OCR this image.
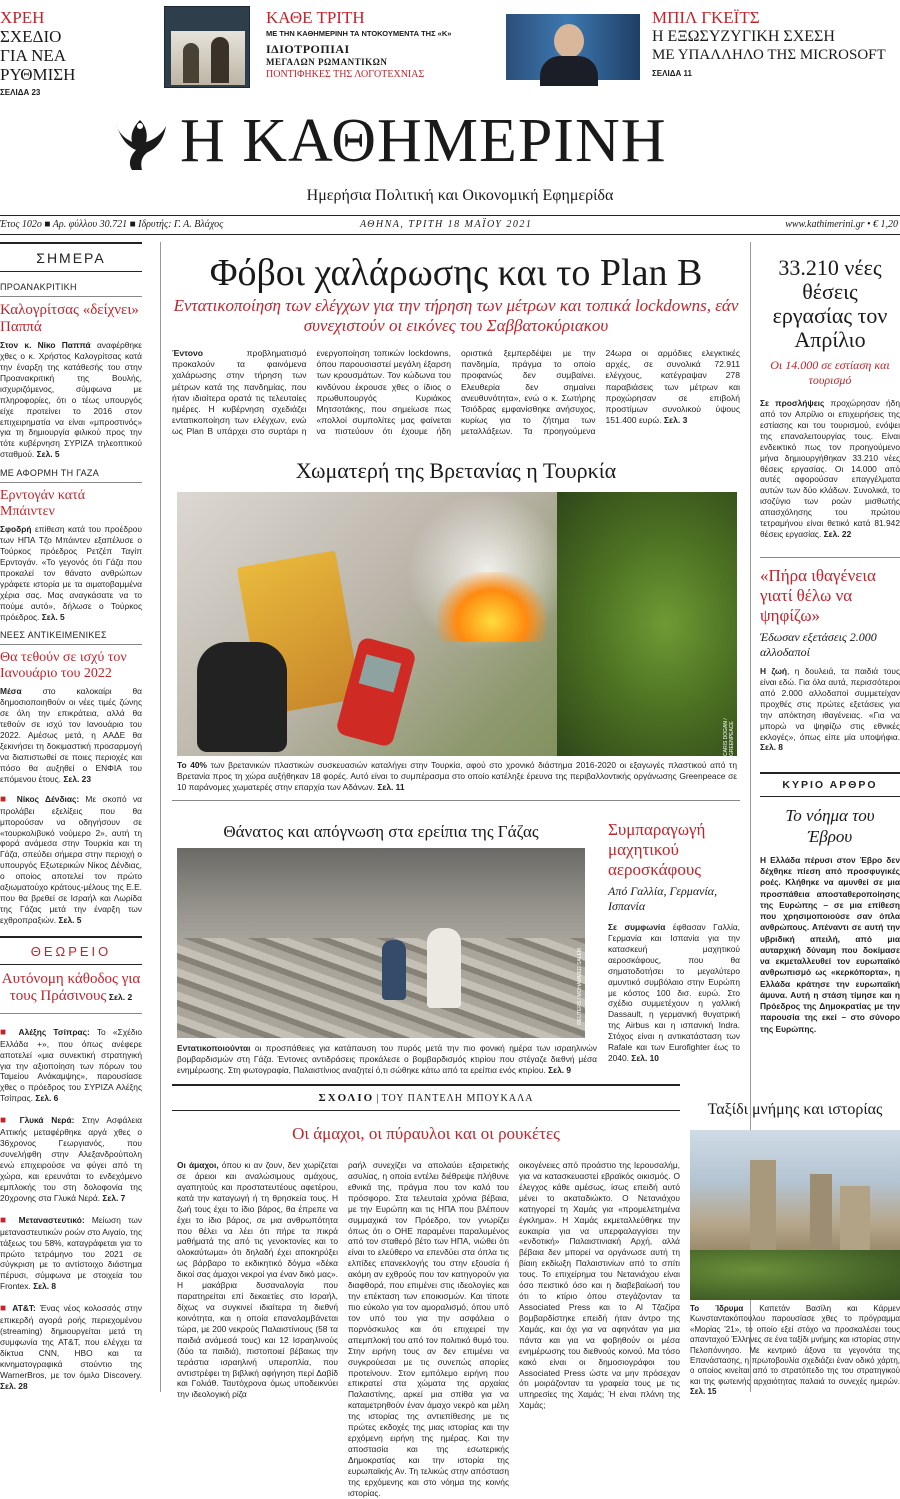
ΧΡΕΗ
ΣΧΕΔΙΟ
ΓΙΑ ΝΕΑ ΡΥΘΜΙΣΗ
ΣΕΛΙΔΑ 23
ΚΑΘΕ ΤΡΙΤΗ
ΜΕ ΤΗΝ ΚΑΘΗΜΕΡΙΝΗ ΤΑ ΝΤΟΚΟΥΜΕΝΤΑ ΤΗΣ «Κ»
ΙΔΙΟΤΡΟΠΙΑΙ
ΜΕΓΑΛΩΝ ΡΩΜΑΝΤΙΚΩΝ
ΠΟΝΤΙΦΗΚΕΣ ΤΗΣ ΛΟΓΟΤΕΧΝΙΑΣ
ΜΠΙΛ ΓΚΕΪΤΣ
Η ΕΞΩΣΥΖΥΓΙΚΗ ΣΧΕΣΗ
ΜΕ ΥΠΑΛΛΗΛΟ ΤΗΣ MICROSOFT
ΣΕΛΙΔΑ 11
Η ΚΑΘΗΜΕΡΙΝΗ
Ημερήσια Πολιτική και Οικονομική Εφημερίδα
Έτος 102ο ■ Αρ. φύλλου 30.721 ■ Ιδρυτής: Γ. Α. Βλάχος	ΑΘΗΝΑ, ΤΡΙΤΗ 18 ΜΑΪΟΥ 2021	www.kathimerini.gr • € 1,20
ΣΗΜΕΡΑ
ΠΡΟΑΝΑΚΡΙΤΙΚΗ
Καλογρίτσας «δείχνει» Παππά

Στον κ. Νίκο Παππά αναφέρθηκε χθες ο κ. Χρήστος Καλογρίτσας κατά την έναρξη της κατάθεσής του στην Προανακριτική της Βουλής, ισχυριζόμενος, σύμφωνα με πληροφορίες, ότι ο τέως υπουργός είχε προτείνει το 2016 στον επιχειρηματία να είναι «μπροστινός» για τη δημιουργία φιλικού προς την τότε κυβέρνηση ΣΥΡΙΖΑ τηλεοπτικού σταθμού. Σελ. 5

ΜΕ ΑΦΟΡΜΗ ΤΗ ΓΑΖΑ
Ερντογάν κατά Μπάιντεν

Σφοδρή επίθεση κατά του προέδρου των ΗΠΑ Τζο Μπάιντεν εξαπέλυσε ο Τούρκος πρόεδρος Ρετζέπ Ταγίπ Ερντογάν. «Το γεγονός ότι Γάζα που προκαλεί τον θάνατο ανθρώπων γράφετε ιστορία με τα αιματοβαμμένα χέρια σας. Μας αναγκάσατε να το πούμε αυτό», δήλωσε ο Τούρκος πρόεδρος. Σελ. 5

ΝΕΕΣ ΑΝΤΙΚΕΙΜΕΝΙΚΕΣ
Θα τεθούν σε ισχύ τον Ιανουάριο του 2022

Μέσα στο καλοκαίρι θα δημοσιοποιηθούν οι νέες τιμές ζώνης σε όλη την επικράτεια, αλλά θα τεθούν σε ισχύ τον Ιανουάριο του 2022. Αμέσως μετά, η ΑΑΔΕ θα ξεκινήσει τη δοκιμαστική προσαρμογή να διαπιστωθεί σε ποιες περιοχές και πόσο θα αυξηθεί ο ΕΝΦΙΑ του επόμενου έτους. Σελ. 23

■ Νίκος Δένδιας: Με σκοπό να προλάβει εξελίξεις που θα μπορούσαν να οδηγήσουν σε «τουρκολιβυκό νούμερο 2», αυτή τη φορά ανάμεσα στην Τουρκία και τη Γάζα, σπεύδει σήμερα στην περιοχή ο υπουργός Εξωτερικών Νίκος Δένδιας, ο οποίος αποτελεί τον πρώτο αξιωματούχο κράτους-μέλους της Ε.Ε. που θα βρεθεί σε Ισραήλ και Λωρίδα της Γάζας μετά την έναρξη των εχθροπραξιών. Σελ. 5

ΘΕΩΡΕΙΟ
Αυτόνομη κάθοδος για τους Πράσινους Σελ. 2

■ Αλέξης Τσίπρας: Το «Σχέδιο Ελλάδα +», που όπως ανέφερε αποτελεί «μια συνεκτική στρατηγική για την αξιοποίηση των πόρων του Ταμείου Ανάκαμψης», παρουσίασε χθες ο πρόεδρος του ΣΥΡΙΖΑ Αλέξης Τσίπρας. Σελ. 6

■ Γλυκά Νερά: Στην Ασφάλεια Αττικής μεταφέρθηκε αργά χθες ο 36χρονος Γεωργιανός, που συνελήφθη στην Αλεξανδρούπολη ενώ επιχειρούσε να φύγει από τη χώρα, και ερευνάται το ενδεχόμενο εμπλοκής του στη δολοφονία της 20χρονης στα Γλυκά Νερά. Σελ. 7

■ Μεταναστευτικό: Μείωση των μεταναστευτικών ροών στο Αιγαίο, της τάξεως του 58%, καταγράφεται για το πρώτο τετράμηνο του 2021 σε σύγκριση με το αντίστοιχο διάστημα πέρυσι, σύμφωνα με στοιχεία του Frontex. Σελ. 8

■ AT&T: Ένας νέος κολοσσός στην επικερδή αγορά ροής περιεχομένου (streaming) δημιουργείται μετά τη συμφωνία της AT&T, που ελέγχει τα δίκτυα CNN, HBO και τα κινηματογραφικά στούντιο της WarnerBros, με τον όμιλο Discovery. Σελ. 28

Φόβοι χαλάρωσης και το Plan B
Εντατικοποίηση των ελέγχων για την τήρηση των μέτρων και τοπικά lockdowns, εάν συνεχιστούν οι εικόνες του Σαββατοκύριακου

Έντονο προβληματισμό προκαλούν τα φαινόμενα χαλάρωσης στην τήρηση των μέτρων κατά της πανδημίας, που ήταν ιδιαίτερα ορατά τις τελευταίες ημέρες. Η κυβέρνηση σχεδιάζει εντατικοποίηση των ελέγχων, ενώ ως Plan B υπάρχει στο συρτάρι η ενεργοποίηση τοπικών lockdowns, όπου παρουσιαστεί μεγάλη έξαρση των κρουσμάτων. Τον κώδωνα του κινδύνου έκρουσε χθες ο ίδιος ο πρωθυπουργός Κυριάκος Μητσοτάκης, που σημείωσε πως «πολλοί συμπολίτες μας φαίνεται να πιστεύουν ότι έχουμε ήδη οριστικά ξεμπερδέψει με την πανδημία, πράγμα το οποίο προφανώς δεν συμβαίνει. Ελευθερία δεν σημαίνει ανευθυνότητα», ενώ ο κ. Σωτήρης Τσιόδρας εμφανίσθηκε ανήσυχος, κυρίως για το ζήτημα των μεταλλάξεων. Τα προηγούμενα 24ωρα οι αρμόδιες ελεγκτικές αρχές, σε συνολικά 72.911 ελέγχους, κατέγραψαν 278 παραβιάσεις των μέτρων και προχώρησαν σε επιβολή προστίμων συνολικού ύψους 151.400 ευρώ. Σελ. 3

Χωματερή της Βρετανίας η Τουρκία
CARIS DOGAN / GREENPEACE

Το 40% των βρετανικών πλαστικών συσκευασιών καταλήγει στην Τουρκία, αφού στο χρονικό διάστημα 2016-2020 οι εξαγωγές πλαστικού από τη Βρετανία προς τη χώρα αυξήθηκαν 18 φορές. Αυτό είναι το συμπέρασμα στο οποίο κατέληξε έρευνα της περιβαλλοντικής οργάνωσης Greenpeace σε 10 παράνομες χωματερές στην επαρχία των Αδάνων. Σελ. 11

Θάνατος και απόγνωση στα ερείπια της Γάζας
REUTERS / MOHAMMED SALEM

Εντατικοποιούνται οι προσπάθειες για κατάπαυση του πυρός μετά την πιο φονική ημέρα των ισραηλινών βομβαρδισμών στη Γάζα. Έντονες αντιδράσεις προκάλεσε ο βομβαρδισμός κτιρίου που στέγαζε διεθνή μέσα ενημέρωσης. Στη φωτογραφία, Παλαιστίνιος αναζητεί ό,τι σώθηκε κάτω από τα ερείπια ενός κτιρίου. Σελ. 9

Συμπαραγωγή μαχητικού αεροσκάφους
Από Γαλλία, Γερμανία, Ισπανία

Σε συμφωνία έφθασαν Γαλλία, Γερμανία και Ισπανία για την κατασκευή μαχητικού αεροσκάφους, που θα σηματοδοτήσει το μεγαλύτερο αμυντικό συμβόλαιο στην Ευρώπη με κόστος 100 δισ. ευρώ. Στο σχέδιο συμμετέχουν η γαλλική Dassault, η γερμανική θυγατρική της Airbus και η ισπανική Indra. Στόχος είναι η αντικατάσταση των Rafale και των Eurofighter έως το 2040. Σελ. 10

33.210 νέες θέσεις εργασίας τον Απρίλιο
Οι 14.000 σε εστίαση και τουρισμό

Σε προσλήψεις προχώρησαν ήδη από τον Απρίλιο οι επιχειρήσεις της εστίασης και του τουρισμού, ενόψει της επαναλειτουργίας τους. Είναι ενδεικτικό πως τον προηγούμενο μήνα δημιουργήθηκαν 33.210 νέες θέσεις εργασίας. Οι 14.000 από αυτές αφορούσαν επαγγέλματα αυτών των δύο κλάδων. Συνολικά, το ισοζύγιο των ροών μισθωτής απασχόλησης του πρώτου τετραμήνου είναι θετικό κατά 81.942 θέσεις εργασίας. Σελ. 22

«Πήρα ιθαγένεια γιατί θέλω να ψηφίζω»
Έδωσαν εξετάσεις 2.000 αλλοδαποί

Η ζωή, η δουλειά, τα παιδιά τους είναι εδώ. Για όλα αυτά, περισσότεροι από 2.000 αλλοδαποί συμμετείχαν προχθές στις πρώτες εξετάσεις για την απόκτηση ιθαγένειας. «Για να μπορώ να ψηφίζω στις εθνικές εκλογές», όπως είπε μία υποψήφια. Σελ. 8

ΚΥΡΙΟ ΑΡΘΡΟ
Το νόημα του Έβρου

Η Ελλάδα πέρυσι στον Έβρο δεν δέχθηκε πίεση από προσφυγικές ροές. Κλήθηκε να αμυνθεί σε μια προσπάθεια αποσταθεροποίησης της Ευρώπης – σε μια επίθεση που χρησιμοποιούσε σαν όπλα ανθρώπους. Απέναντι σε αυτή την υβριδική απειλή, από μια αυταρχική δύναμη που δοκίμασε να εκμεταλλευθεί τον ευρωπαϊκό ανθρωπισμό ως «κερκόπορτα», η Ελλάδα κράτησε την ευρωπαϊκή άμυνα. Αυτή η στάση τίμησε και η Πρόεδρος της Δημοκρατίας με την παρουσία της εκεί – στο σύνορο της Ευρώπης.

Ταξίδι μνήμης και ιστορίας

Το Ίδρυμα Καπετάν Βασίλη και Κάρμεν Κωνσταντακόπουλου παρουσίασε χθες το πρόγραμμα «Μορίας '21», το οποίο εξεί στόχο να προσκαλέσει τους απανταχού Έλληνες σε ένα ταξίδι μνήμης και ιστορίας στην Πελοπόννησο. Με κεντρικό άξονα τα γεγονότα της Επανάστασης, η πρωτοβουλία σχεδιάζει έναν οδικό χάρτη, ο οποίος κινείται από το στρατόπεδο της του στρατηγικού και της φωτεινής αρχαιότητας παλαιά το συνεχές ημερών. Σελ. 15

ΣΧΟΛΙΟ | ΤΟΥ ΠΑΝΤΕΛΗ ΜΠΟΥΚΑΛΑ
Οι άμαχοι, οι πύραυλοι και οι ρουκέτες

Οι άμαχοι, όπου κι αν ζουν, δεν χωρίζεται σε άρειοι και αναλώσιμους αμάχους, αγαπητούς και προστατευτέους αφετέρου, κατά την καταγωγή ή τη θρησκεία τους. Η ζωή τους έχει το ίδιο βάρος, θα έπρεπε να έχει το ίδιο βάρος, σε μια ανθρωπότητα που θέλει να λέει ότι πήρε τα πικρά μαθήματά της από τις γενοκτονίες και το ολοκαύτωμα» ότι δηλαδή έχει αποκηρύξει ως βάρβαρο το εκδικητικό δόγμα «δέκα δικοί σας άμαχοι νεκροί για έναν δικό μας». Η μακάβρια δυσαναλογία που παρατηρείται επί δεκαετίες στο Ισραήλ, δίχως να συγκινεί ιδιαίτερα τη διεθνή κοινότητα, και η οποία επαναλαμβάνεται τώρα, με 200 νεκρούς Παλαιστίνιους (58 τα παιδιά ανάμεσά τους) και 12 Ισραηλινούς (δύο τα παιδιά), πιστοποιεί βέβαιως την τεράστια ισραηλινή υπεροπλία, που αντιστρέφει τη βιβλική αφήγηση περί Δαβίδ και Γολιάθ. Ταυτόχρονα όμως υποδεικνύει την ιδεολογική ρίζα

ραήλ συνεχίζει να απολαύει εξαιρετικής ασυλίας, η οποία εντέλει διέθρεψε πλήθυνε εθνικά της, πράγμα που τον καλό του πρόσφορο. Στα τελευταία χρόνια βέβαια, με την Ευρώπη και τις ΗΠΑ που βλέπουν συμμαχικά τον Πρόεδρο, τον γνωρίζει όπως ότι ο ΟΗΕ παραμένει παραλυμένος από τον σταθερό βέτο των ΗΠΑ, νιώθει ότι είναι το ελεύθερο να επενδύει στα όπλα τις ελπίδες επανεκλογής του στην εξουσία ή ακόμη αν εχθρούς που τον κατηγορούν για διαφθορά, που επιμένει στις ιδεολογίες και την επέκταση των εποικισμών. Και τίποτε πιο εύκολο για τον αμοραλισμό, όπου υπό τον υπό του για την ασφάλεια ο πορνόσκυλος και ότι επιχειρεί την απεμπλοκή του από τον πολιτικό θυμό του. Στην ειρήνη τους αν δεν επιμένει να συγκρούεσαι με τις συνεπώς απορίες προτείνουν. Στον εμπόλεμο ειρήνη που επικρατεί στα χώματα της αρχαίας Παλαιστίνης, αρκεί μια σπίθα για να καταμετρηθούν έναν άμαχο νεκρό και μέλη της ιστορίας της αντιεπίθεσης με τις πρώτες εκδοχές της μιας ιστορίας και την ερχόμενη ειρήνη της ημέρας. Και την αποστασία και της εσωτερικής Δημοκρατίας και την ιστορία της ευρωπαϊκής Αν. Τη τελικώς στην απόσταση της ερχόμενης και στο νόημα της κοινής ιστορίας.

οικογένειες από προάστιο της Ιερουσαλήμ, για να κατασκευαστεί εβραϊκός οικισμός. Ο έλεγχος κάθε αμέσως, ίσως επειδή αυτό μένει το ακαταδιώκτο. Ο Νετανιάχου κατηγορεί τη Χαμάς για «προμελετημένα έγκλημα». Η Χαμάς εκμεταλλεύθηκε την ευκαιρία για να υπερφαλαγγίσει την «ενδοτική» Παλαιστινιακή Αρχή, αλλά βέβαια δεν μπορεί να οργάνωσε αυτή τη βίαιη εκδίωξη Παλαιστινίων από το σπίτι τους. Το επιχείρημα του Νετανιάχου είναι όσο πειστικό όσο και η διαβεβαίωσή του ότι το κτίριο όπου στεγάζονταν τα Associated Press και το Al Τζαζίρα βομβαρδίστηκε επειδή ήταν άντρο της Χαμάς, και όχι για να αφηνόταν για μια πάντα και για να φοβηθούν οι μέσα ενημέρωσης του διεθνούς κοινού. Μα τόσο κακό είναι οι δημοσιογράφοι του Associated Press ώστε να μην πρόσεχαν ότι μοιράζονταν τα γραφεία τους με τις υπηρεσίες της Χαμάς; Ή είναι πλάνη της Χαμάς;
